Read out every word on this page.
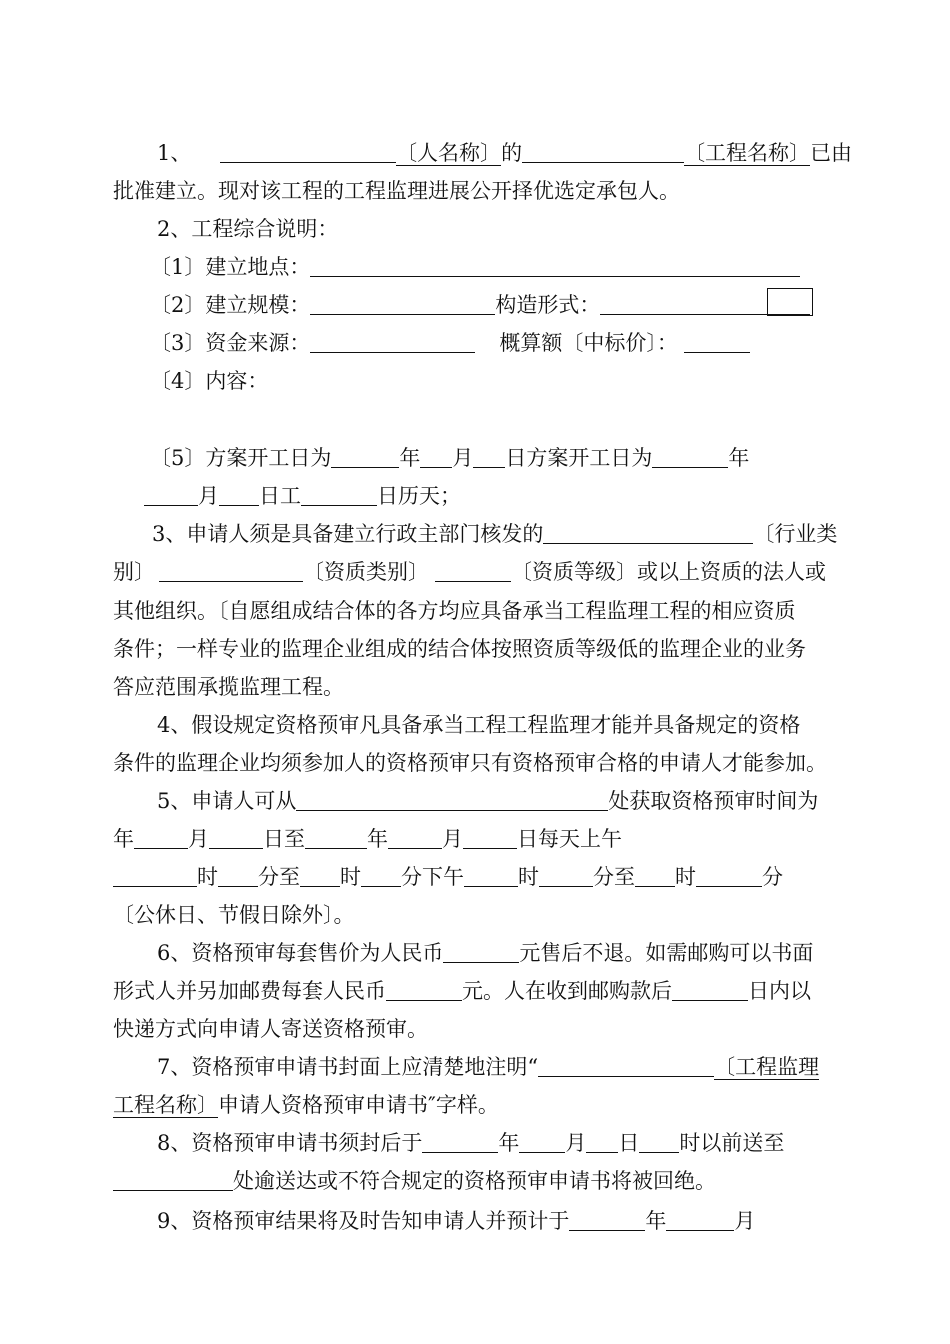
1、	〔人名称〕的	〔工程名称〕已由
批准建立。现对该工程的工程监理进展公开择优选定承包人。
2、工程综合说明：
〔1〕建立地点：
〔2〕建立规模：	构造形式：
〔3〕资金来源：	概算额〔中标价〕：
〔4〕内容：
〔5〕方案开工日为	年 月 日方案开工日为	年
月 日工	日历天；
3、申请人须是具备建立行政主部门核发的	〔行业类
别〕	〔资质类别〕	〔资质等级〕或以上资质的法人或
其他组织。〔自愿组成结合体的各方均应具备承当工程监理工程的相应资质
条件；一样专业的监理企业组成的结合体按照资质等级低的监理企业的业务
答应范围承揽监理工程。
4、假设规定资格预审凡具备承当工程工程监理才能并具备规定的资格
条件的监理企业均须参加人的资格预审只有资格预审合格的申请人才能参加。
5、申请人可从	处获取资格预审时间为
年	月	日至	年	月	日每天上午
时 分至 时 分下午	时	分至 时	分
〔公休日、节假日除外〕。
6、资格预审每套售价为人民币	元售后不退。如需邮购可以书面
形式人并另加邮费每套人民币	元。人在收到邮购款后	日内以
快递方式向申请人寄送资格预审。
7、资格预审申请书封面上应清楚地注明“	〔工程监理
工程名称〕申请人资格预审申请书″字样。
8、资格预审申请书须封后于	年 月 日 时以前送至
处逾送达或不符合规定的资格预审申请书将被回绝。
9、资格预审结果将及时告知申请人并预计于	年	月
